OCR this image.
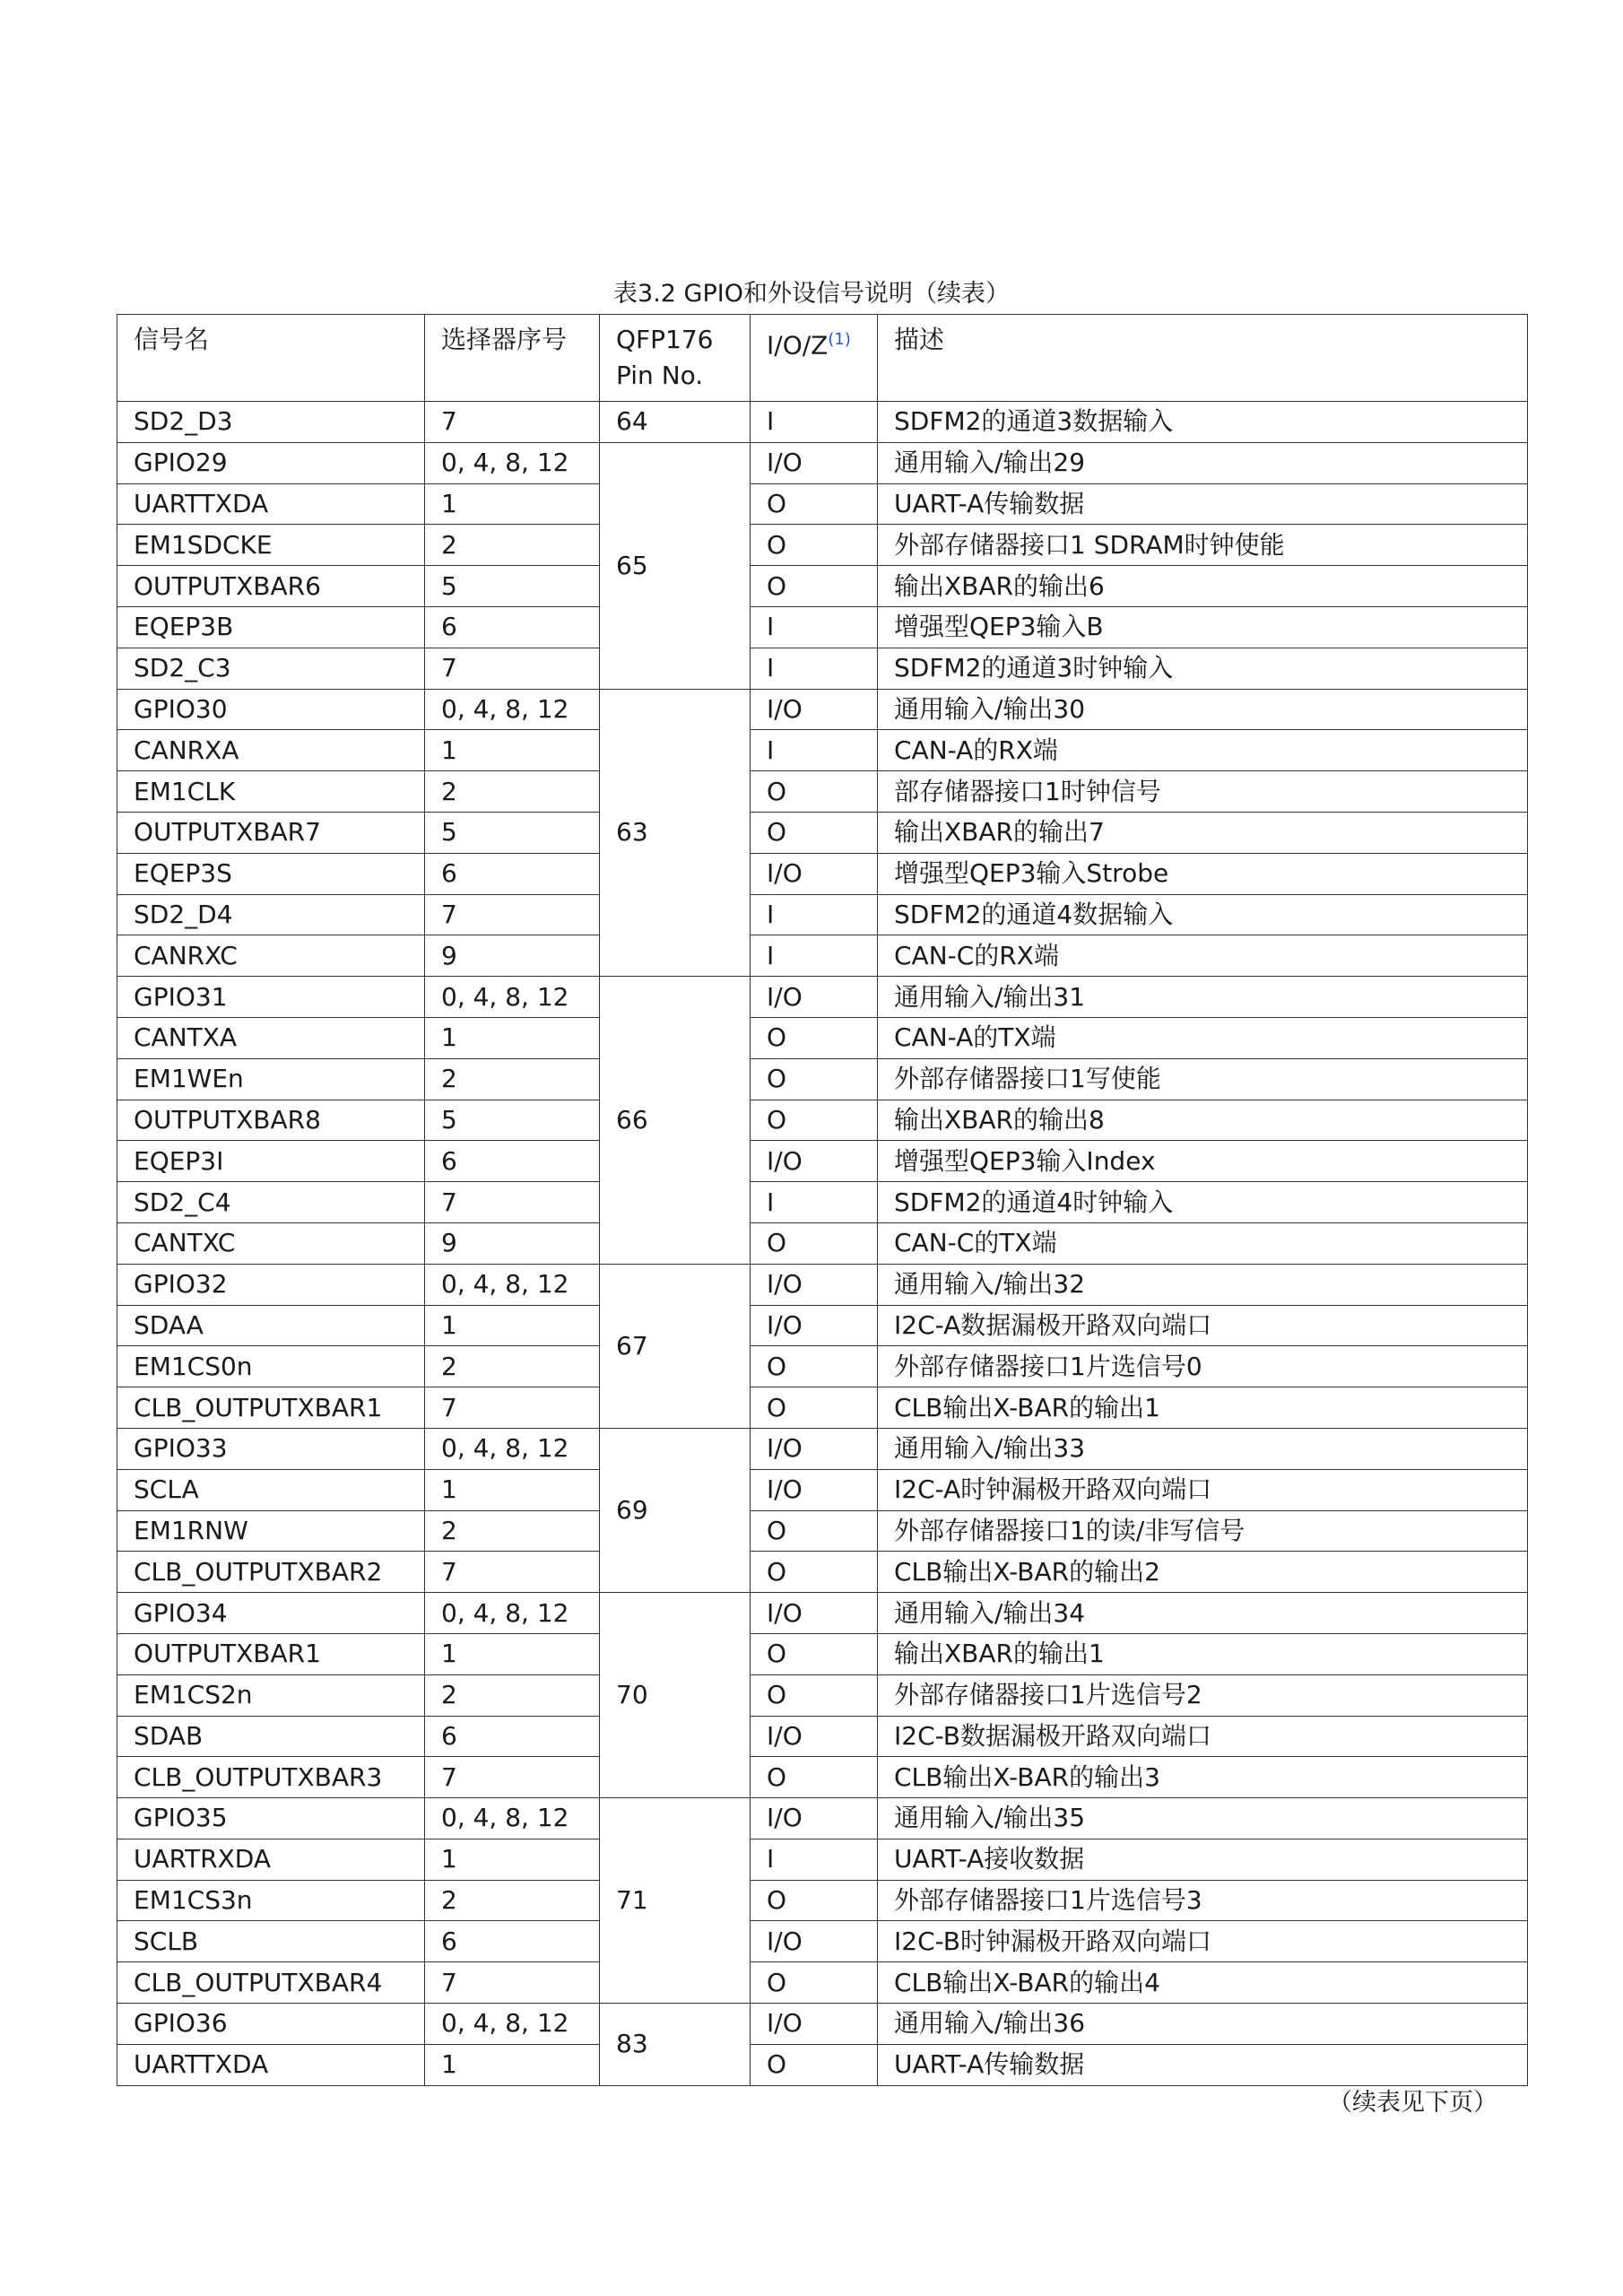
表3.2 GPIO和外设信号说明（续表）
信号名	选择器序号	QFP176 Pin No.	$I/O/Z^{(1)}$	描述
SD2_D3	7	64	I	SDFM2的通道3数据输入
GPIO29	0, 4, 8, 12	65	I/O	通用输入/输出29
UARTTXDA	1		O	UART-A传输数据
EM1SDCKE	2		O	外部存储器接口1 SDRAM时钟使能
OUTPUTXBAR6	5		O	输出XBAR的输出6
EQEP3B	6		I	增强型QEP3输入B
SD2_C3	7		I	SDFM2的通道3时钟输入
GPIO30	0, 4, 8, 12	63	I/O	通用输入/输出30
CANRXA	1		I	CAN-A的RX端
EM1CLK	2		O	部存储器接口1时钟信号
OUTPUTXBAR7	5		O	输出XBAR的输出7
EQEP3S	6		I/O	增强型QEP3输入Strobe
SD2_D4	7		I	SDFM2的通道4数据输入
CANRXC	9		I	CAN-C的RX端
GPIO31	0, 4, 8, 12	66	I/O	通用输入/输出31
CANTXA	1		O	CAN-A的TX端
EM1WEn	2		O	外部存储器接口1写使能
OUTPUTXBAR8	5		O	输出XBAR的输出8
EQEP3I	6		I/O	增强型QEP3输入Index
SD2_C4	7		I	SDFM2的通道4时钟输入
CANTXC	9		O	CAN-C的TX端
GPIO32	0, 4, 8, 12	67	I/O	通用输入/输出32
SDAA	1		I/O	I2C-A数据漏极开路双向端口
EM1CS0n	2		O	外部存储器接口1片选信号0
CLB_OUTPUTXBAR1	7		O	CLB输出X-BAR的输出1
GPIO33	0, 4, 8, 12	69	I/O	通用输入/输出33
SCLA	1		I/O	I2C-A时钟漏极开路双向端口
EM1RNW	2		O	外部存储器接口1的读/非写信号
CLB_OUTPUTXBAR2	7		O	CLB输出X-BAR的输出2
GPIO34	0, 4, 8, 12	70	I/O	通用输入/输出34
OUTPUTXBAR1	1		O	输出XBAR的输出1
EM1CS2n	2		O	外部存储器接口1片选信号2
SDAB	6		I/O	I2C-B数据漏极开路双向端口
CLB_OUTPUTXBAR3	7		O	CLB输出X-BAR的输出3
GPIO35	0, 4, 8, 12	71	I/O	通用输入/输出35
UARTRXDA	1		I	UART-A接收数据
EM1CS3n	2		O	外部存储器接口1片选信号3
SCLB	6		I/O	I2C-B时钟漏极开路双向端口
CLB_OUTPUTXBAR4	7		O	CLB输出X-BAR的输出4
GPIO36	0, 4, 8, 12	83	I/O	通用输入/输出36
UARTTXDA	1		O	UART-A传输数据
（续表见下页）
